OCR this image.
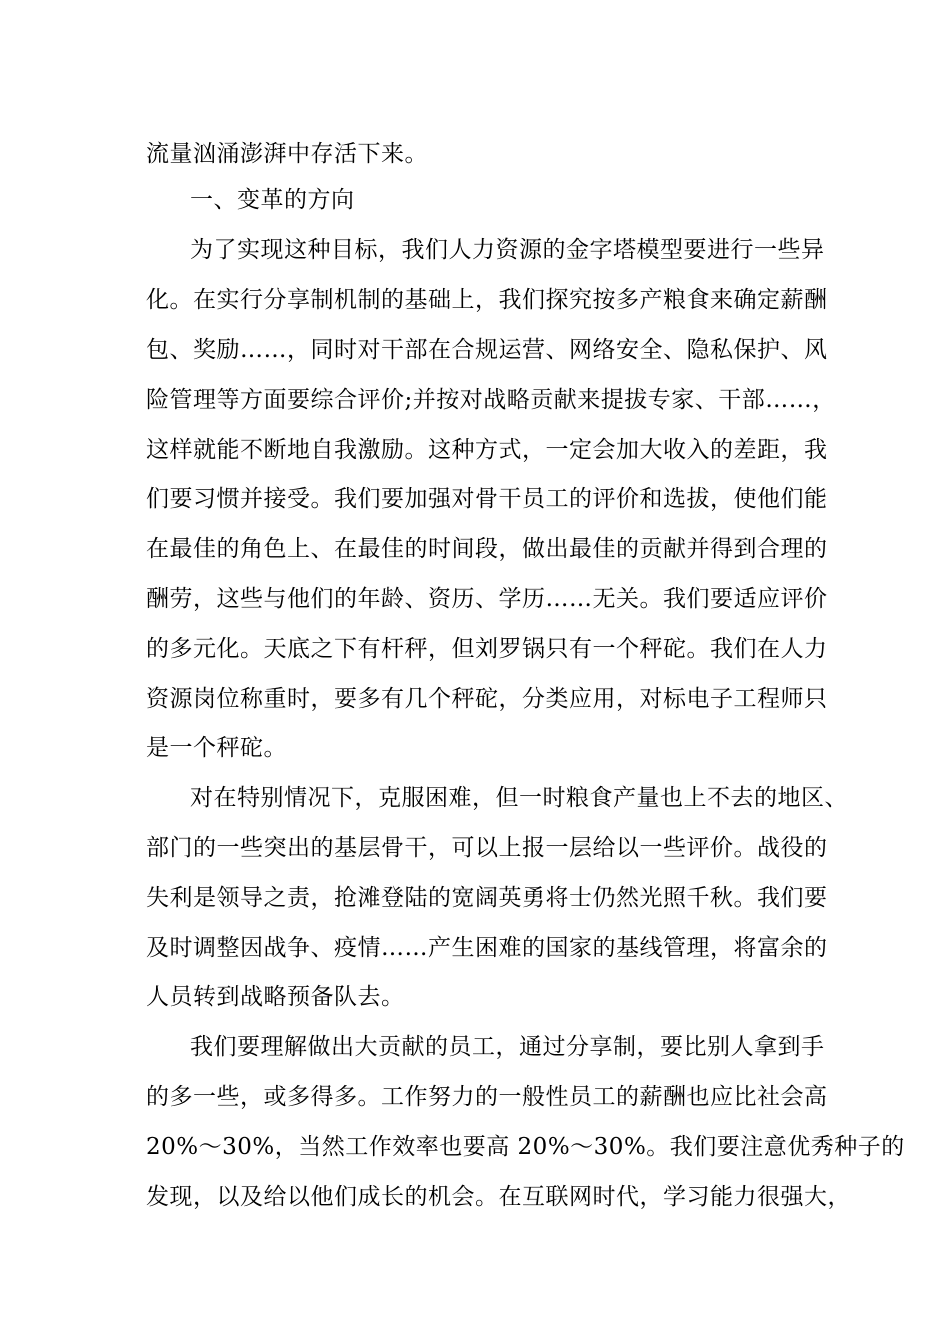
流量汹涌澎湃中存活下来。
一、变革的方向
为了实现这种目标，我们人力资源的金字塔模型要进行一些异
化。在实行分享制机制的基础上，我们探究按多产粮食来确定薪酬
包、奖励……，同时对干部在合规运营、网络安全、隐私保护、风
险管理等方面要综合评价;并按对战略贡献来提拔专家、干部……，
这样就能不断地自我激励。这种方式，一定会加大收入的差距，我
们要习惯并接受。我们要加强对骨干员工的评价和选拔，使他们能
在最佳的角色上、在最佳的时间段，做出最佳的贡献并得到合理的
酬劳，这些与他们的年龄、资历、学历……无关。我们要适应评价
的多元化。天底之下有杆秤，但刘罗锅只有一个秤砣。我们在人力
资源岗位称重时，要多有几个秤砣，分类应用，对标电子工程师只
是一个秤砣。
对在特别情况下，克服困难，但一时粮食产量也上不去的地区、
部门的一些突出的基层骨干，可以上报一层给以一些评价。战役的
失利是领导之责，抢滩登陆的宽阔英勇将士仍然光照千秋。我们要
及时调整因战争、疫情……产生困难的国家的基线管理，将富余的
人员转到战略预备队去。
我们要理解做出大贡献的员工，通过分享制，要比别人拿到手
的多一些，或多得多。工作努力的一般性员工的薪酬也应比社会高
20%～30%，当然工作效率也要高 20%～30%。我们要注意优秀种子的
发现，以及给以他们成长的机会。在互联网时代，学习能力很强大，
